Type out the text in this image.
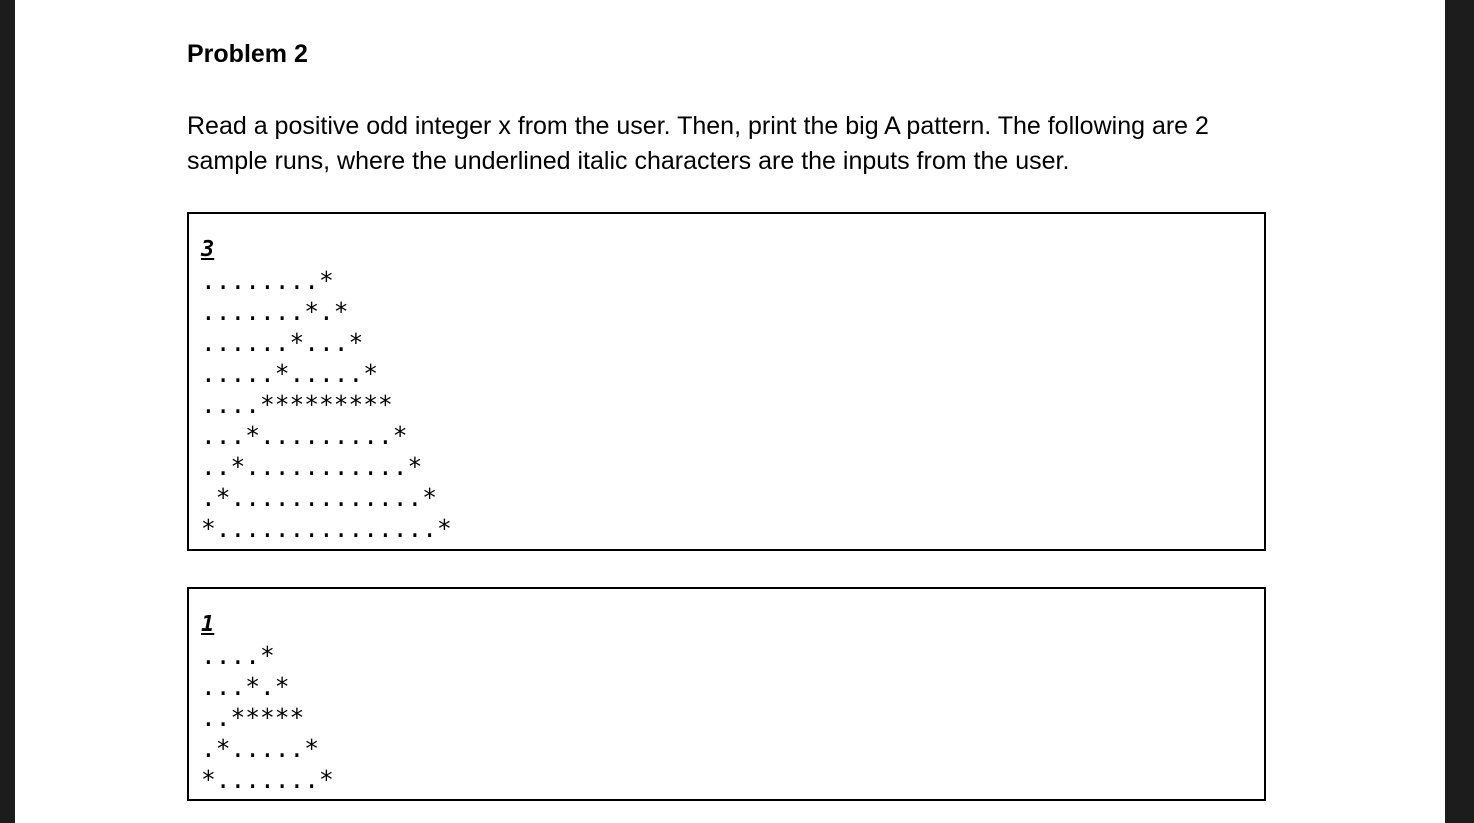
Problem 2
Read a positive odd integer x from the user. Then, print the big A pattern. The following are 2 sample runs, where the underlined italic characters are the inputs from the user.
3
........*
.......*.*
......*...*
.....*.....*
....*********
...*.........*
..*...........*
.*.............*
*...............*
1
....*
...*.*
..*****
.*.....*
*.......*
